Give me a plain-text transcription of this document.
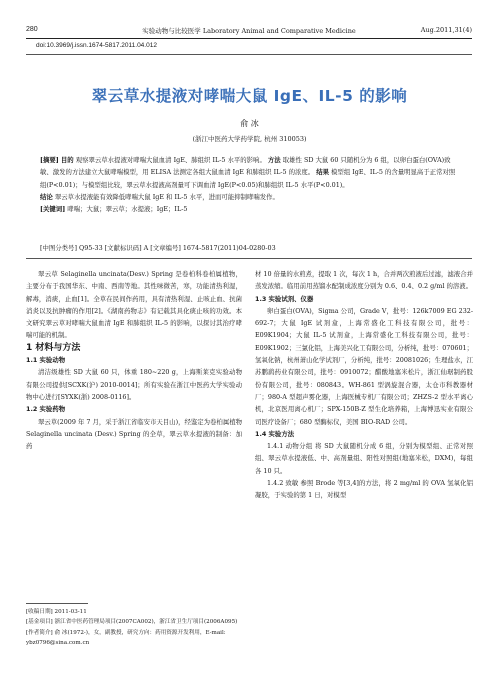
280	实验动物与比较医学 Laboratory Animal and Comparative Medicine	Aug.2011,31(4)
doi:10.3969/j.issn.1674-5817.2011.04.012
翠云草水提液对哮喘大鼠 IgE、IL-5 的影响
俞 冰
(浙江中医药大学药学院, 杭州 310053)

[摘要] 目的 观察翠云草水提液对哮喘大鼠血清 IgE、肺组织 IL-5 水平的影响。 方法 取雄性 SD 大鼠 60 只随机分为 6 组，以卵白蛋白(OVA)致敏、激发的方法建立大鼠哮喘模型，用 ELISA 法测定各组大鼠血清 IgE 和肺组织 IL-5 的浓度。 结果 模型组 IgE、IL-5 的含量明显高于正常对照组(P<0.01)；与模型组比较，翠云草水提液高剂量可下调血清 IgE(P<0.05)和肺组织 IL-5 水平(P<0.01)。

结论 翠云草水提液能有效降低哮喘大鼠 IgE 和 IL-5 水平，进而可能抑制哮喘发作。

[关键词] 哮喘；大鼠；翠云草；水提液；IgE；IL-5

[中图分类号] Q95-33 [文献标识码] A [文章编号] 1674-5817(2011)04-0280-03

翠云草 Selaginella uncinata(Desv.) Spring 是卷柏科卷柏属植物，主要分布于我国华东、中南、西南等地。其性味微苦，寒，功能清热利湿，解毒，消痰，止血[1]。全草在民间作药用，具有清热利湿、止咳止血、抗菌消炎以及抗肿瘤的作用[2]。《湖南药物志》有记载其具化痰止咳的功效。本文研究翠云草对哮喘大鼠血清 IgE 和肺组织 IL-5 的影响，以探讨其治疗哮喘可能的机制。

1 材料与方法

1.1 实验动物

清洁级雄性 SD 大鼠 60 只，体重 180~220 g，上海斯莱克实验动物有限公司提供[SCXK(沪) 2010-0014]；所有实验在浙江中医药大学实验动物中心进行[SYXK(浙) 2008-0116]。

1.2 实验药物

翠云草(2009 年 7 月，采于浙江省临安市天目山)，经鉴定为卷柏属植物 Selaginella uncinata (Desv.) Spring 的全草，翠云草水提液的制备：加药

[收稿日期] 2011-03-11

[基金项目] 浙江省中医药管理局项目(2007CA002)，浙江省卫生厅项目(2006A095)

[作者简介] 俞 冰(1972-)，女，副教授，研究方向：药用资源开发利用，E-mail: ybz0796@sina.com.cn

材 10 倍量的水煎煮，提取 1 次，每次 1 h，合并两次煎液后过滤，滤液合并蒸发浓缩。临用前用蒸馏水配制成浓度分别为 0.6、0.4、0.2 g/ml 的溶液。

1.3 实验试剂、仪器

卵白蛋白(OVA)，Sigma 公司，Grade V，批号：126k7009 EG 232-692-7；大鼠 IgE 试剂盒，上海常盛化工科技有限公司，批号：E09K1904；大鼠 IL-5 试剂盒，上海常盛化工科技有限公司，批号：E09K1902；三氯化铝，上海美兴化工有限公司，分析纯，批号：070601；氢氧化钠，杭州萧山化学试剂厂，分析纯，批号：20081026；生理盐水，江苏鹏鹞药业有限公司，批号：0910072；醋酸地塞米松片，浙江仙琚制药股份有限公司，批号：080843。WH-861 型涡旋混合器，太仓市科教器材厂；980-A 型超声雾化器，上海医械专机厂有限公司；ZHZS-2 型水平离心机，北京医用离心机厂；SPX-150B-Z 型生化培养箱，上海博迅实业有限公司医疗设备厂；680 型酶标仪，美国 BIO-RAD 公司。

1.4 实验方法

1.4.1 动物分组 将 SD 大鼠随机分成 6 组，分别为模型组、正常对照组、翠云草水提液低、中、高剂量组、阳性对照组(地塞米松，DXM)，每组各 10 只。

1.4.2 致敏 参照 Brode 等[3,4]的方法，将 2 mg/ml 的 OVA 氢氧化铝凝胶，于实验的第 1 日，对模型
